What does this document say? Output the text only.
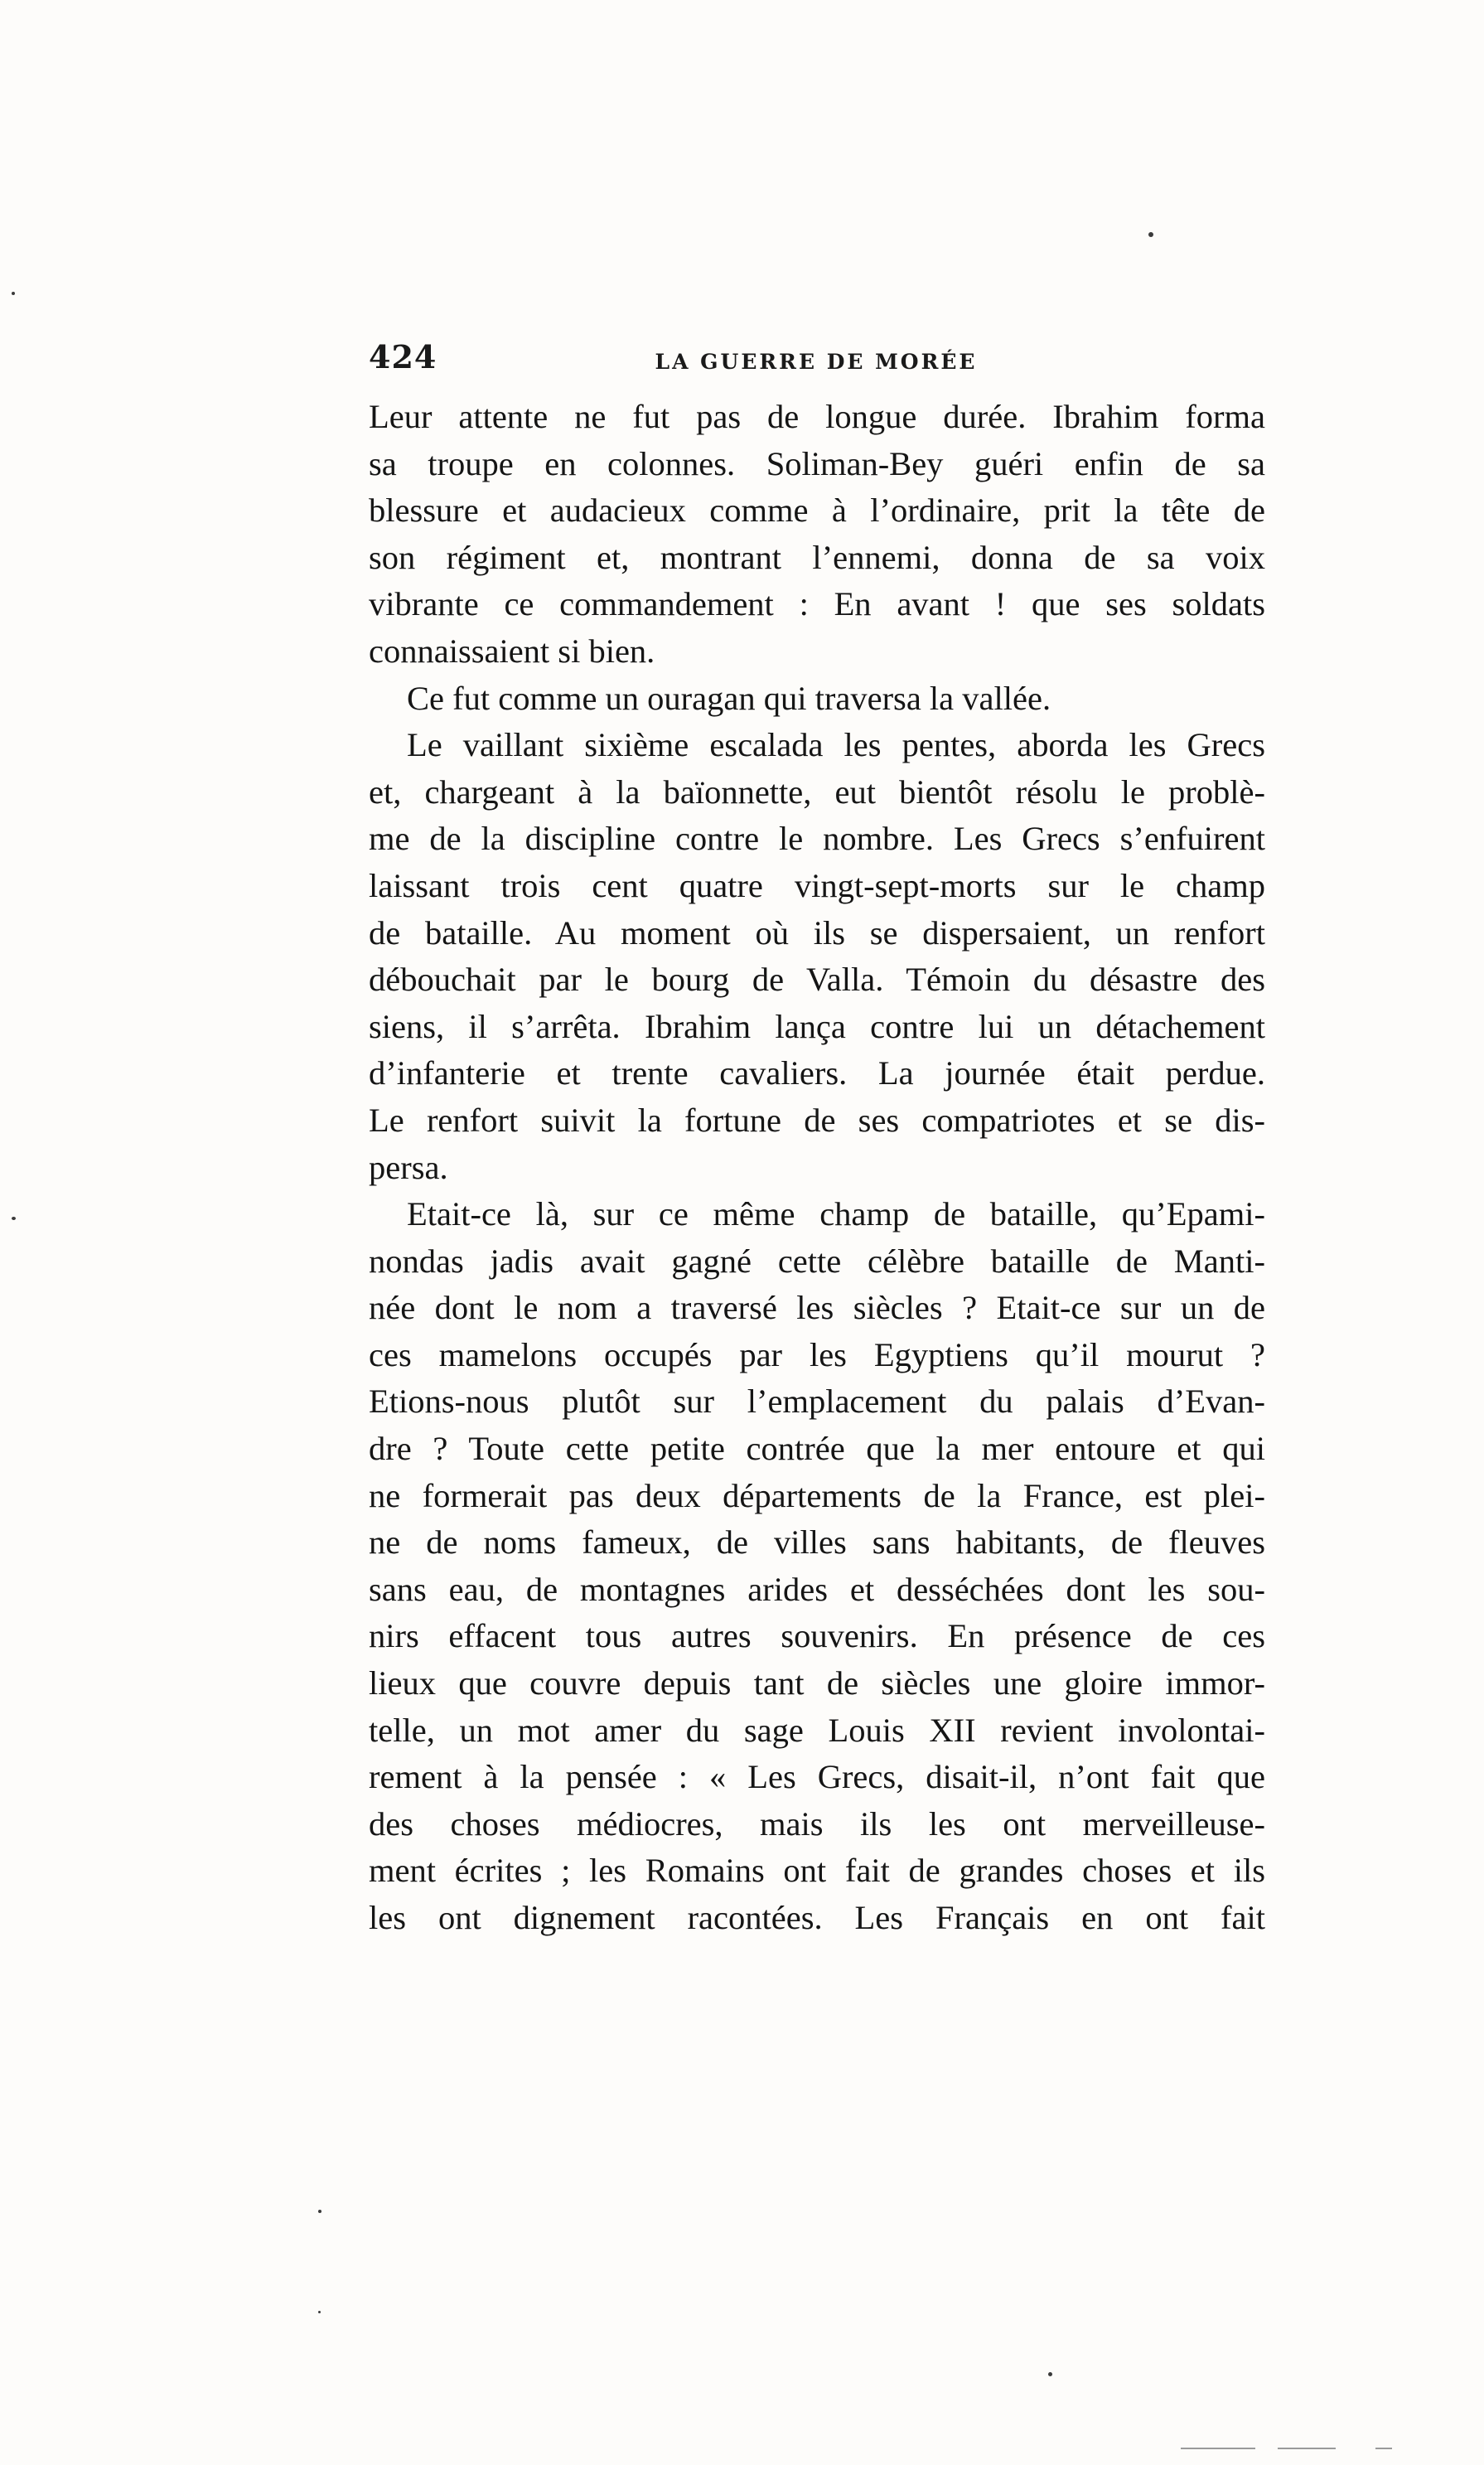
424	LA GUERRE DE MORÉE

Leur attente ne fut pas de longue durée. Ibrahim forma
sa troupe en colonnes. Soliman-Bey guéri enfin de sa
blessure et audacieux comme à l’ordinaire, prit la tête de
son régiment et, montrant l’ennemi, donna de sa voix
vibrante ce commandement : En avant ! que ses soldats
connaissaient si bien.

Ce fut comme un ouragan qui traversa la vallée.

Le vaillant sixième escalada les pentes, aborda les Grecs
et, chargeant à la baïonnette, eut bientôt résolu le problè-
me de la discipline contre le nombre. Les Grecs s’enfuirent
laissant trois cent quatre vingt-sept-morts sur le champ
de bataille. Au moment où ils se dispersaient, un renfort
débouchait par le bourg de Valla. Témoin du désastre des
siens, il s’arrêta. Ibrahim lança contre lui un détachement
d’infanterie et trente cavaliers. La journée était perdue.
Le renfort suivit la fortune de ses compatriotes et se dis-
persa.

Etait-ce là, sur ce même champ de bataille, qu’Epami-
nondas jadis avait gagné cette célèbre bataille de Manti-
née dont le nom a traversé les siècles ? Etait-ce sur un de
ces mamelons occupés par les Egyptiens qu’il mourut ?
Etions-nous plutôt sur l’emplacement du palais d’Evan-
dre ? Toute cette petite contrée que la mer entoure et qui
ne formerait pas deux départements de la France, est plei-
ne de noms fameux, de villes sans habitants, de fleuves
sans eau, de montagnes arides et desséchées dont les sou-
nirs effacent tous autres souvenirs. En présence de ces
lieux que couvre depuis tant de siècles une gloire immor-
telle, un mot amer du sage Louis XII revient involontai-
rement à la pensée : « Les Grecs, disait-il, n’ont fait que
des choses médiocres, mais ils les ont merveilleuse-
ment écrites ; les Romains ont fait de grandes choses et ils
les ont dignement racontées. Les Français en ont fait
